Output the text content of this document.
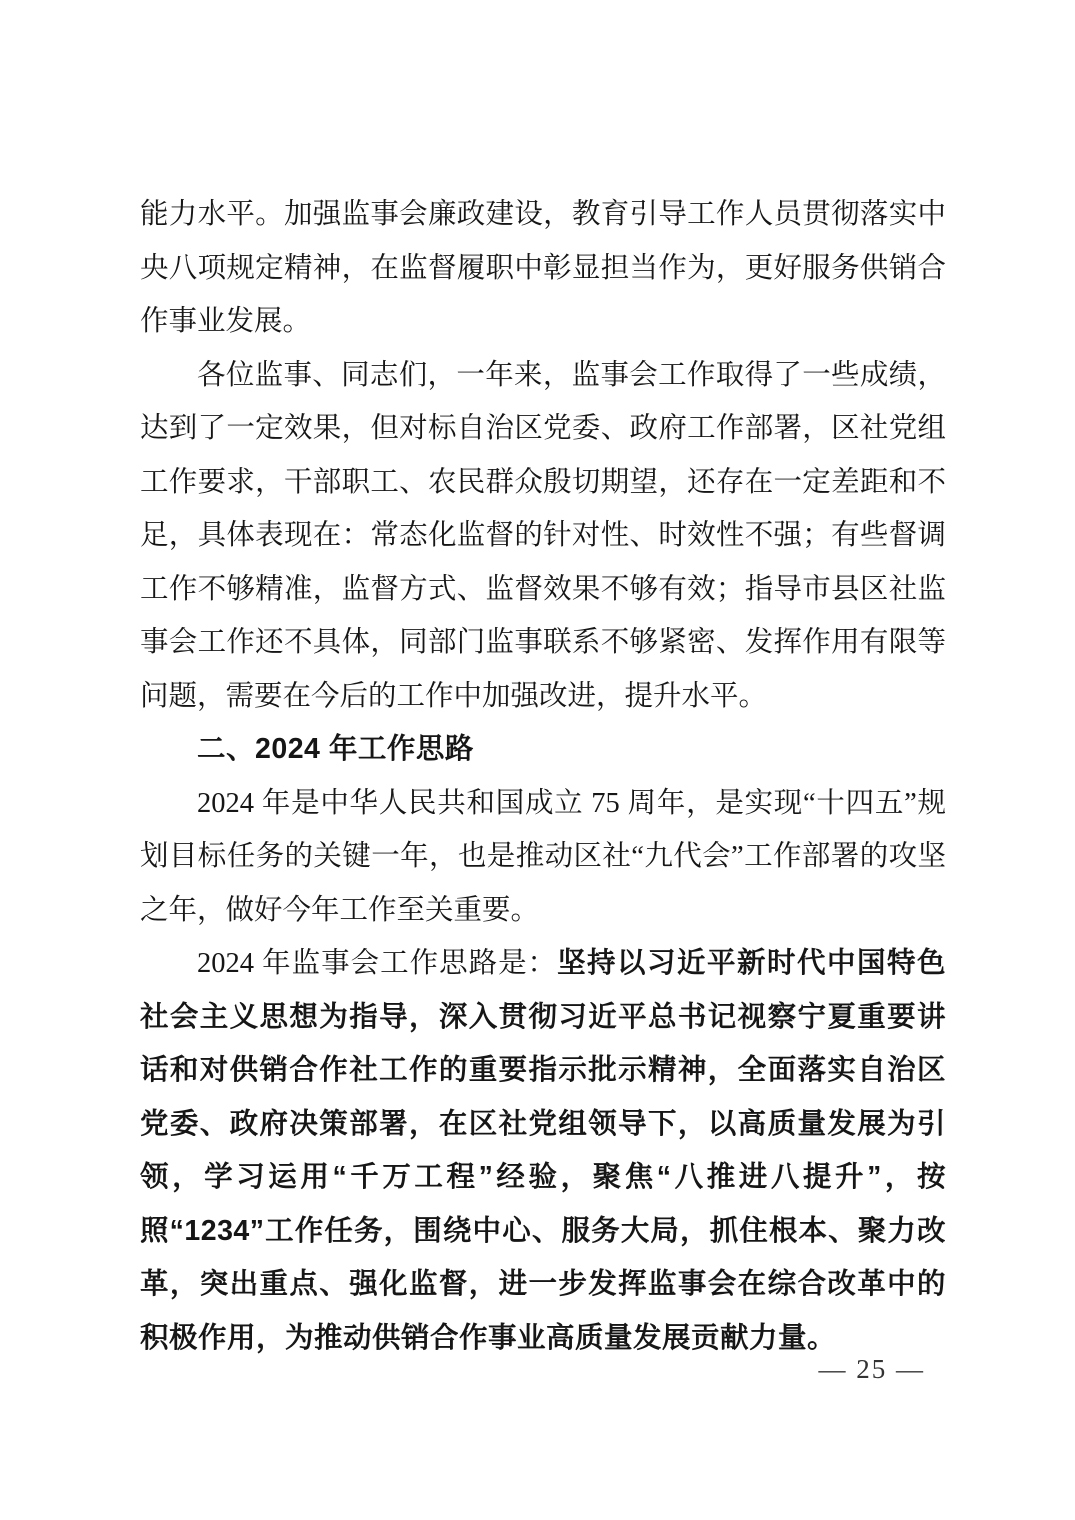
能力水平。加强监事会廉政建设，教育引导工作人员贯彻落实中央八项规定精神，在监督履职中彰显担当作为，更好服务供销合作事业发展。

各位监事、同志们，一年来，监事会工作取得了一些成绩，达到了一定效果，但对标自治区党委、政府工作部署，区社党组工作要求，干部职工、农民群众殷切期望，还存在一定差距和不足，具体表现在：常态化监督的针对性、时效性不强；有些督调工作不够精准，监督方式、监督效果不够有效；指导市县区社监事会工作还不具体，同部门监事联系不够紧密、发挥作用有限等问题，需要在今后的工作中加强改进，提升水平。

二、2024 年工作思路

2024 年是中华人民共和国成立 75 周年，是实现“十四五”规划目标任务的关键一年，也是推动区社“九代会”工作部署的攻坚之年，做好今年工作至关重要。

2024 年监事会工作思路是：坚持以习近平新时代中国特色社会主义思想为指导，深入贯彻习近平总书记视察宁夏重要讲话和对供销合作社工作的重要指示批示精神，全面落实自治区党委、政府决策部署，在区社党组领导下，以高质量发展为引领，学习运用“千万工程”经验，聚焦“八推进八提升”，按照“1234”工作任务，围绕中心、服务大局，抓住根本、聚力改革，突出重点、强化监督，进一步发挥监事会在综合改革中的积极作用，为推动供销合作事业高质量发展贡献力量。

— 25 —
